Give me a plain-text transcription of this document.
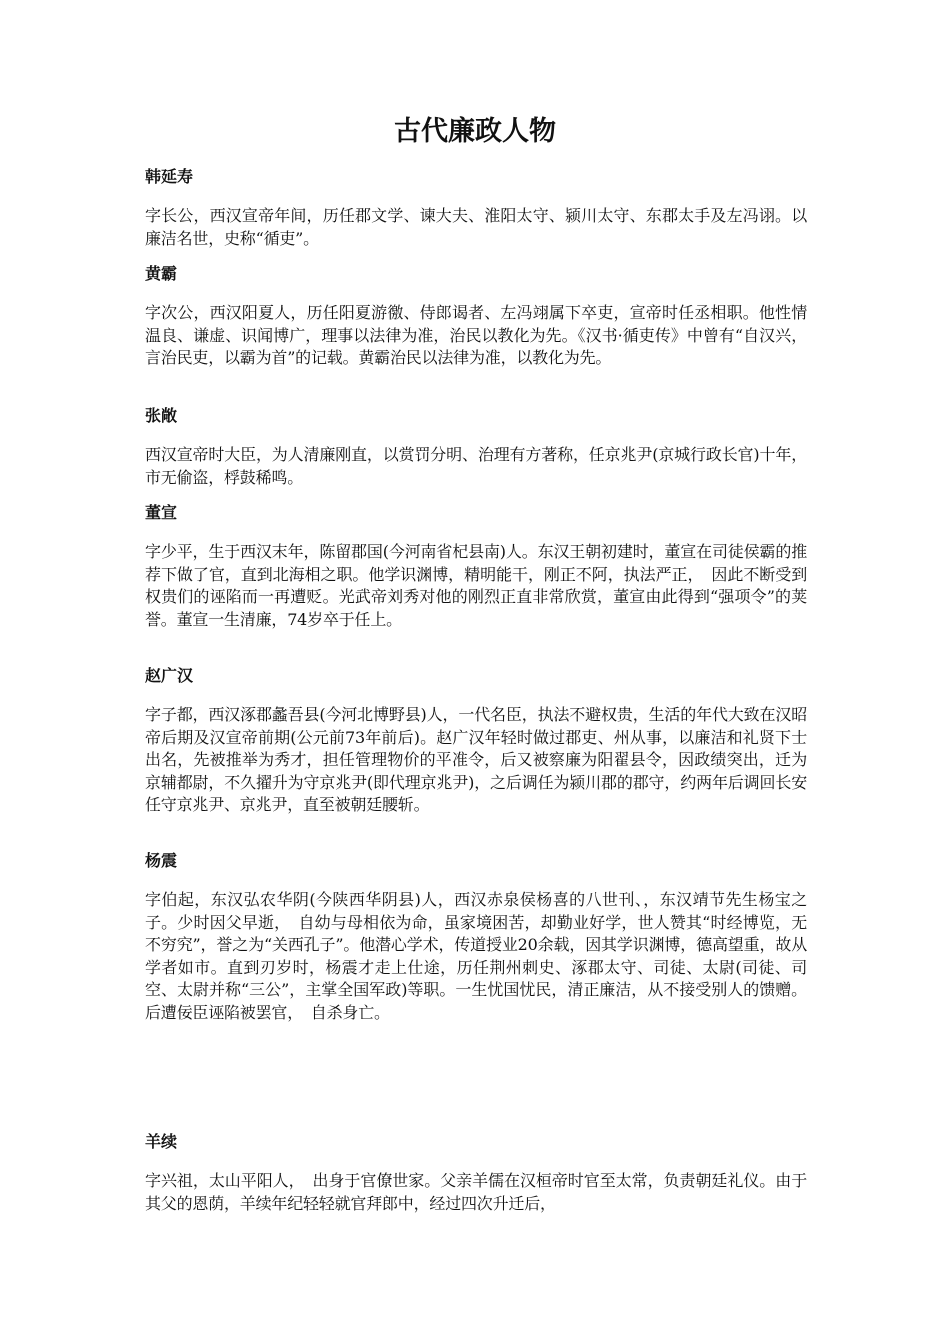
古代廉政人物
韩延寿

字长公，西汉宣帝年间，历任郡文学、谏大夫、淮阳太守、颍川太守、东郡太手及左冯诩。以廉洁名世，史称“循吏”。

黄霸

字次公，西汉阳夏人，历任阳夏游徼、侍郎谒者、左冯翊属下卒吏，宣帝时任丞相职。他性情温良、谦虚、识闻博广，理事以法律为准，治民以教化为先。《汉书·循吏传》中曾有“自汉兴，言治民吏，以霸为首”的记载。黄霸治民以法律为准，以教化为先。

张敞

西汉宣帝时大臣，为人清廉刚直，以赏罚分明、治理有方著称，任京兆尹(京城行政长官)十年，市无偷盗，桴鼓稀鸣。

董宣

字少平，生于西汉末年，陈留郡国(今河南省杞县南)人。东汉王朝初建时，董宣在司徒侯霸的推荐下做了官，直到北海相之职。他学识渊博，精明能干，刚正不阿，执法严正，　因此不断受到权贵们的诬陷而一再遭贬。光武帝刘秀对他的刚烈正直非常欣赏，董宣由此得到“强项令”的荚誉。董宣一生清廉，74岁卒于任上。

赵广汉

字子都，西汉涿郡蠡吾县(今河北博野县)人，一代名臣，执法不避权贵，生活的年代大致在汉昭帝后期及汉宣帝前期(公元前73年前后)。赵广汉年轻时做过郡吏、州从事，以廉洁和礼贤下士出名，先被推举为秀才，担任管理物价的平准令，后又被察廉为阳翟县令，因政绩突出，迁为京辅都尉，不久擢升为守京兆尹(即代理京兆尹)，之后调任为颍川郡的郡守，约两年后调回长安任守京兆尹、京兆尹，直至被朝廷腰斩。

杨震

字伯起，东汉弘农华阴(今陕西华阴县)人，西汉赤泉侯杨喜的八世刊、，东汉靖节先生杨宝之子。少时因父早逝，　自幼与母相依为命，虽家境困苦，却勤业好学，世人赞其“时经博览，无不穷究”，誉之为“关西孔子”。他潜心学术，传道授业20余载，因其学识渊博，德高望重，故从学者如市。直到刃岁时，杨震才走上仕途，历任荆州刺史、涿郡太守、司徒、太尉(司徒、司空、太尉并称“三公”，主掌全国军政)等职。一生忧国忧民，清正廉洁，从不接受别人的馈赠。后遭佞臣诬陷被罢官，　自杀身亡。

羊续

字兴祖，太山平阳人，　出身于官僚世家。父亲羊儒在汉桓帝时官至太常，负责朝廷礼仪。由于其父的恩荫，羊续年纪轻轻就官拜郎中，经过四次升迁后，
